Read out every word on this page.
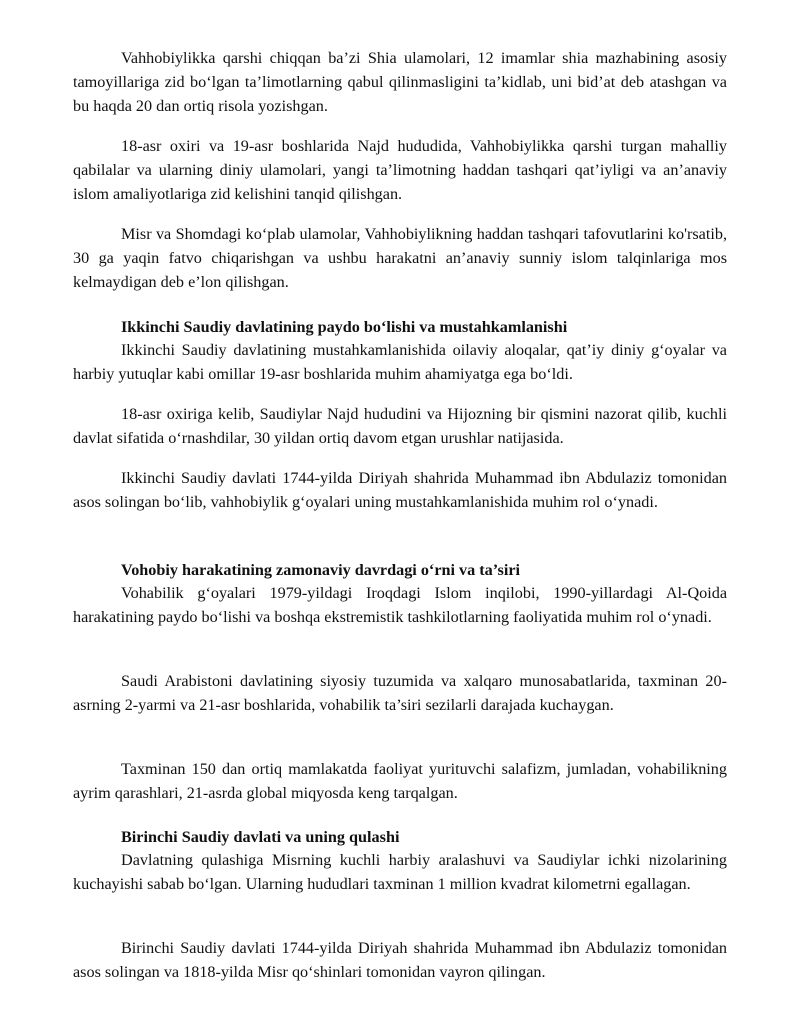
Vahhobiylikka qarshi chiqqan ba’zi Shia ulamolari, 12 imamlar shia mazhabining asosiy tamoyillariga zid bo‘lgan ta’limotlarning qabul qilinmasligini ta’kidlab, uni bid’at deb atashgan va bu haqda 20 dan ortiq risola yozishgan.

18-asr oxiri va 19-asr boshlarida Najd hududida, Vahhobiylikka qarshi turgan mahalliy qabilalar va ularning diniy ulamolari, yangi ta’limotning haddan tashqari qat’iyligi va an’anaviy islom amaliyotlariga zid kelishini tanqid qilishgan.

Misr va Shomdagi ko‘plab ulamolar, Vahhobiylikning haddan tashqari tafovutlarini ko'rsatib, 30 ga yaqin fatvo chiqarishgan va ushbu harakatni an’anaviy sunniy islom talqinlariga mos kelmaydigan deb e’lon qilishgan.

Ikkinchi Saudiy davlatining paydo bo‘lishi va mustahkamlanishi

Ikkinchi Saudiy davlatining mustahkamlanishida oilaviy aloqalar, qat’iy diniy g‘oyalar va harbiy yutuqlar kabi omillar 19-asr boshlarida muhim ahamiyatga ega bo‘ldi.

18-asr oxiriga kelib, Saudiylar Najd hududini va Hijozning bir qismini nazorat qilib, kuchli davlat sifatida o‘rnashdilar, 30 yildan ortiq davom etgan urushlar natijasida.

Ikkinchi Saudiy davlati 1744-yilda Diriyah shahrida Muhammad ibn Abdulaziz tomonidan asos solingan bo‘lib, vahhobiylik g‘oyalari uning mustahkamlanishida muhim rol o‘ynadi.

Vohobiy harakatining zamonaviy davrdagi o‘rni va ta’siri

Vohabilik g‘oyalari 1979-yildagi Iroqdagi Islom inqilobi, 1990-yillardagi Al-Qoida harakatining paydo bo‘lishi va boshqa ekstremistik tashkilotlarning faoliyatida muhim rol o‘ynadi.

Saudi Arabistoni davlatining siyosiy tuzumida va xalqaro munosabatlarida, taxminan 20-asrning 2-yarmi va 21-asr boshlarida, vohabilik ta’siri sezilarli darajada kuchaygan.

Taxminan 150 dan ortiq mamlakatda faoliyat yurituvchi salafizm, jumladan, vohabilikning ayrim qarashlari, 21-asrda global miqyosda keng tarqalgan.

Birinchi Saudiy davlati va uning qulashi

Davlatning qulashiga Misrning kuchli harbiy aralashuvi va Saudiylar ichki nizolarining kuchayishi sabab bo‘lgan. Ularning hududlari taxminan 1 million kvadrat kilometrni egallagan.

Birinchi Saudiy davlati 1744-yilda Diriyah shahrida Muhammad ibn Abdulaziz tomonidan asos solingan va 1818-yilda Misr qo‘shinlari tomonidan vayron qilingan.
